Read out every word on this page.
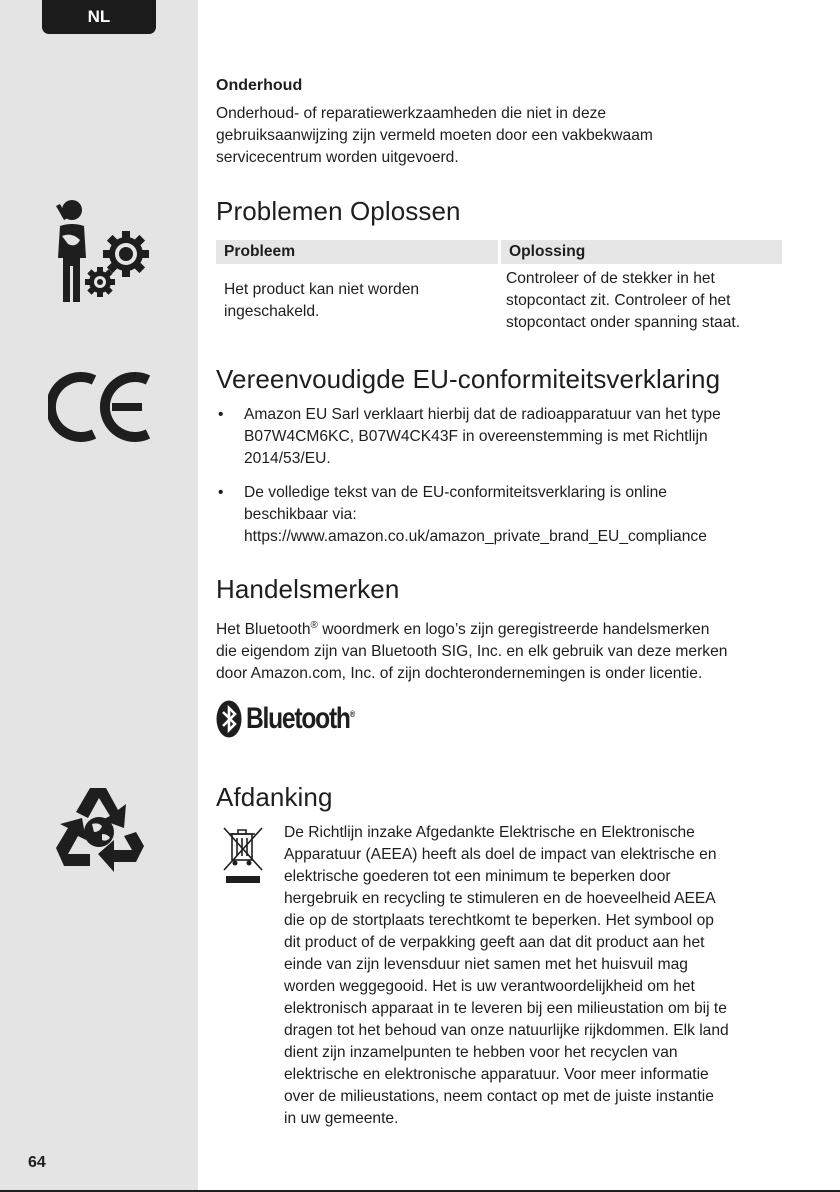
NL
64
Onderhoud

Onderhoud- of reparatiewerkzaamheden die niet in deze
gebruiksaanwijzing zijn vermeld moeten door een vakbekwaam
servicecentrum worden uitgevoerd.

Problemen Oplossen
Probleem	Oplossing

Het product kan niet worden
ingeschakeld.	Controleer of de stekker in het
stopcontact zit. Controleer of het
stopcontact onder spanning staat.
Vereenvoudigde EU-conformiteitsverklaring
• Amazon EU Sarl verklaart hierbij dat de radioapparatuur van het type
B07W4CM6KC, B07W4CK43F in overeenstemming is met Richtlijn
2014/53/EU.
• De volledige tekst van de EU-conformiteitsverklaring is online
beschikbaar via:
https://www.amazon.co.uk/amazon_private_brand_EU_compliance
Handelsmerken

Het Bluetooth® woordmerk en logo’s zijn geregistreerde handelsmerken
die eigendom zijn van Bluetooth SIG, Inc. en elk gebruik van deze merken
door Amazon.com, Inc. of zijn dochterondernemingen is onder licentie.

Bluetooth®
Afdanking

De Richtlijn inzake Afgedankte Elektrische en Elektronische
Apparatuur (AEEA) heeft als doel de impact van elektrische en
elektrische goederen tot een minimum te beperken door
hergebruik en recycling te stimuleren en de hoeveelheid AEEA
die op de stortplaats terechtkomt te beperken. Het symbool op
dit product of de verpakking geeft aan dat dit product aan het
einde van zijn levensduur niet samen met het huisvuil mag
worden weggegooid. Het is uw verantwoordelijkheid om het
elektronisch apparaat in te leveren bij een milieustation om bij te
dragen tot het behoud van onze natuurlijke rijkdommen. Elk land
dient zijn inzamelpunten te hebben voor het recyclen van
elektrische en elektronische apparatuur. Voor meer informatie
over de milieustations, neem contact op met de juiste instantie
in uw gemeente.
